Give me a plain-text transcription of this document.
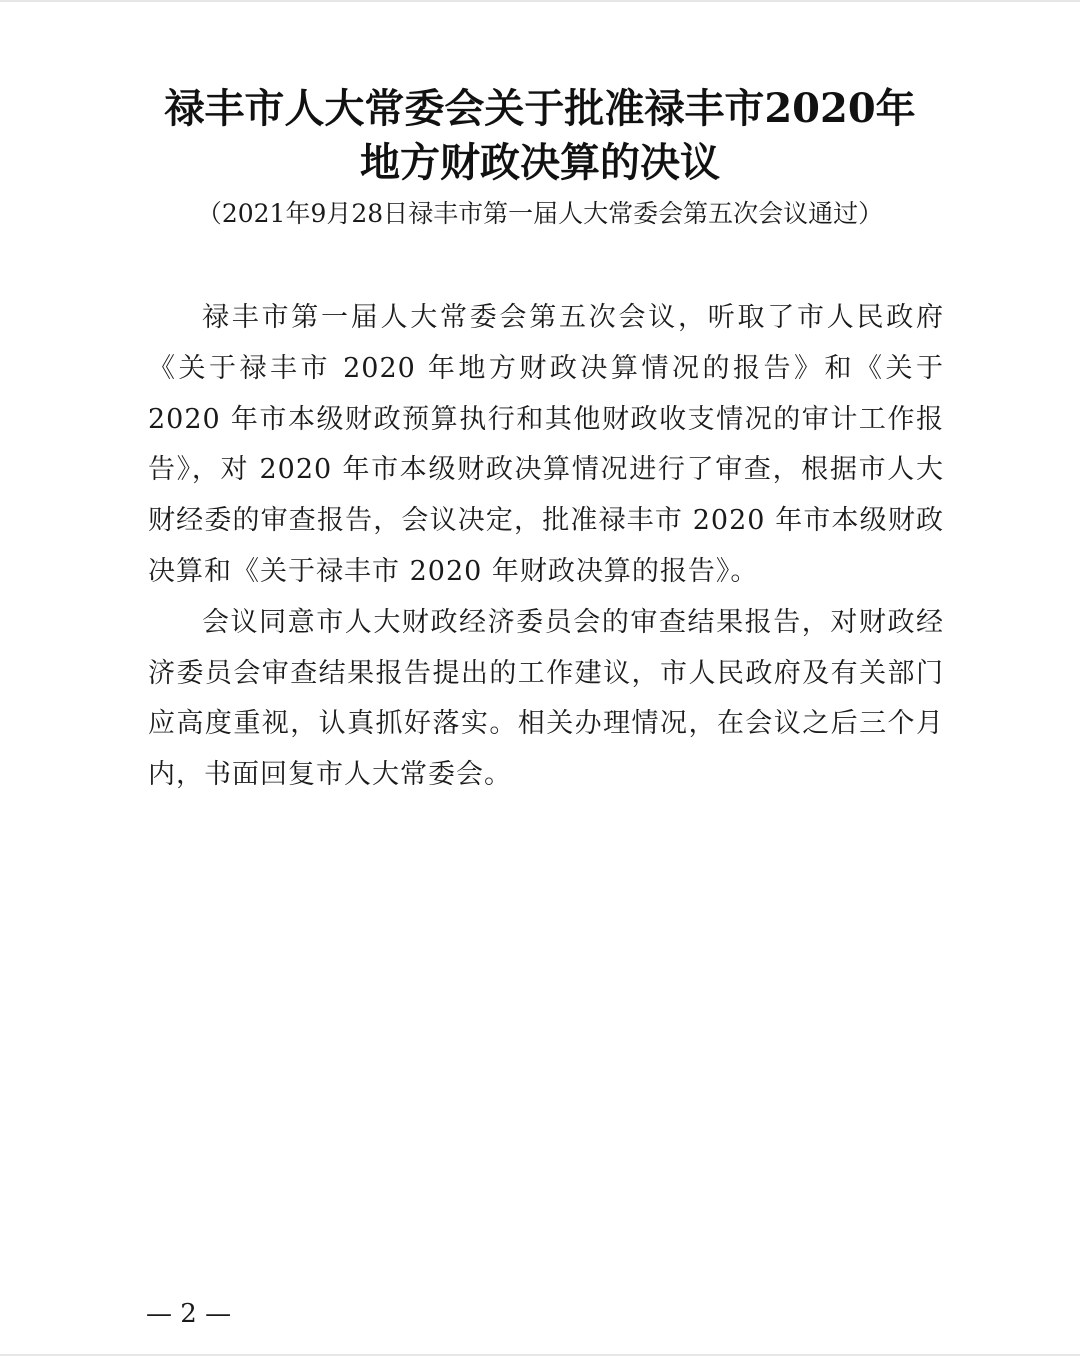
禄丰市人大常委会关于批准禄丰市2020年
地方财政决算的决议
（2021年9月28日禄丰市第一届人大常委会第五次会议通过）

禄丰市第一届人大常委会第五次会议，听取了市人民政府《关于禄丰市 2020 年地方财政决算情况的报告》和《关于 2020 年市本级财政预算执行和其他财政收支情况的审计工作报告》，对 2020 年市本级财政决算情况进行了审查，根据市人大财经委的审查报告，会议决定，批准禄丰市 2020 年市本级财政决算和《关于禄丰市 2020 年财政决算的报告》。

会议同意市人大财政经济委员会的审查结果报告，对财政经济委员会审查结果报告提出的工作建议，市人民政府及有关部门应高度重视，认真抓好落实。相关办理情况，在会议之后三个月内，书面回复市人大常委会。

— 2 —
